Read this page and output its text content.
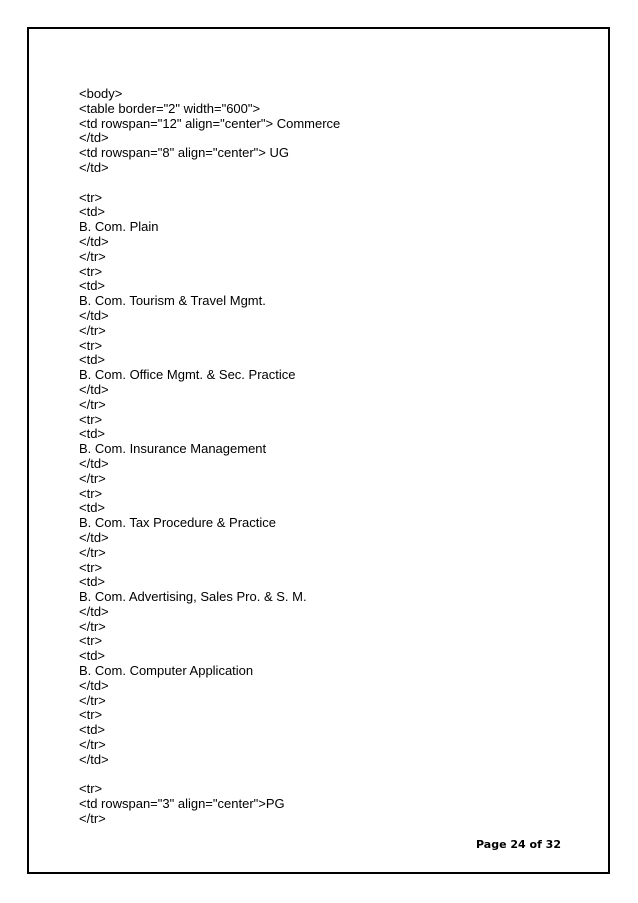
<body>
<table border="2" width="600">
<td rowspan="12" align="center"> Commerce
</td>
<td rowspan="8" align="center"> UG
</td>
<tr>
<td>
B. Com. Plain
</td>
</tr>
<tr>
<td>
B. Com. Tourism & Travel Mgmt.
</td>
</tr>
<tr>
<td>
B. Com. Office Mgmt. & Sec. Practice
</td>
</tr>
<tr>
<td>
B. Com. Insurance Management
</td>
</tr>
<tr>
<td>
B. Com. Tax Procedure & Practice
</td>
</tr>
<tr>
<td>
B. Com. Advertising, Sales Pro. & S. M.
</td>
</tr>
<tr>
<td>
B. Com. Computer Application
</td>
</tr>
<tr>
<td>
</tr>
</td>
<tr>
<td rowspan="3" align="center">PG
</tr>
Page 24 of 32
